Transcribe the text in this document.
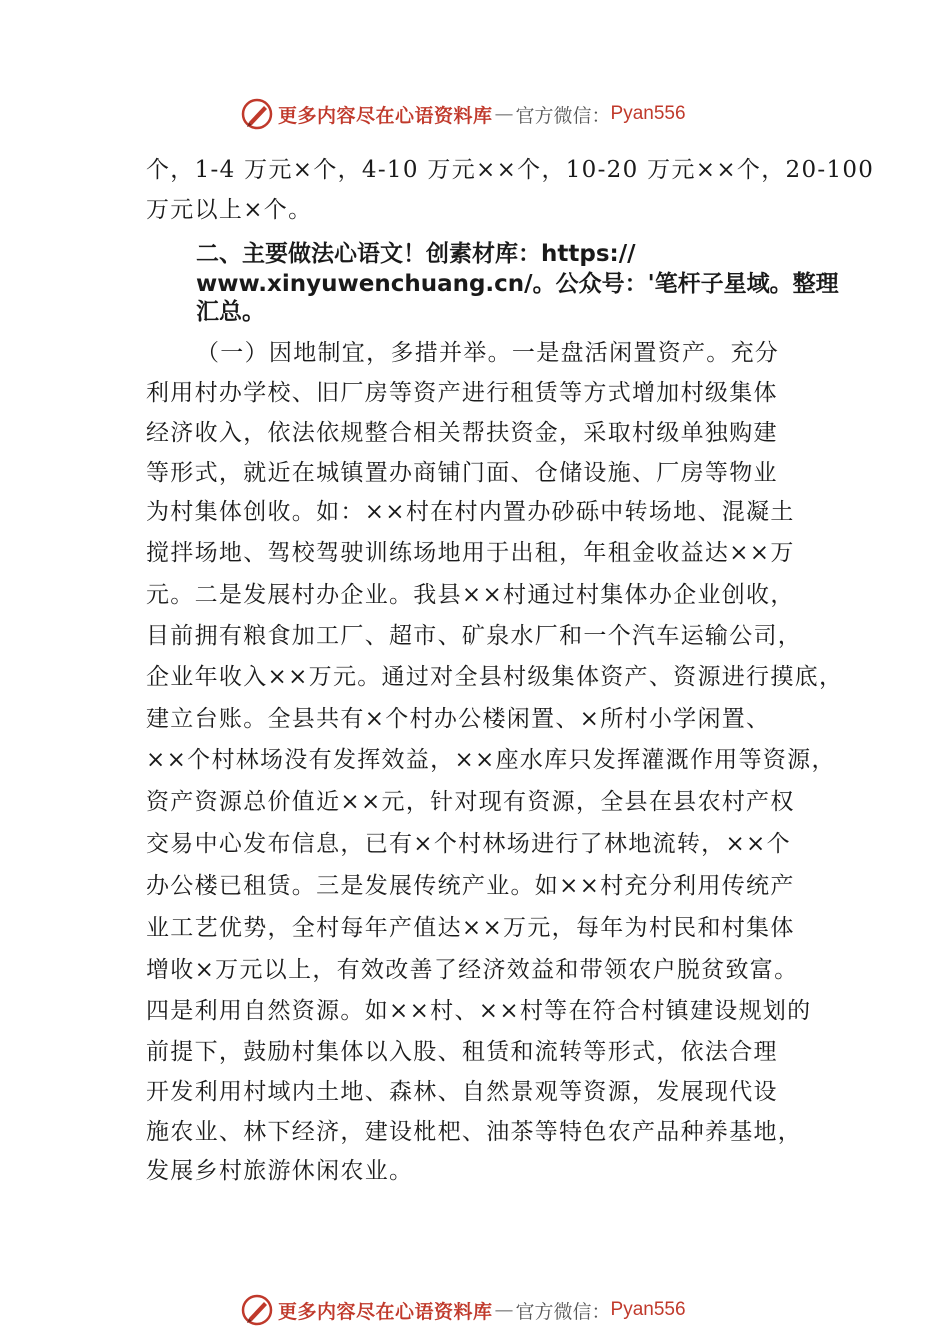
更多内容尽在心语资料库 — 官方微信： Pyan556
个，1-4 万元×个，4-10 万元××个，10-20 万元××个，20-100
万元以上×个。
二、主要做法心语文！创素材库：https://
www.xinyuwenchuang.cn/。公众号：'笔杆子星域。整理
汇总。
（一）因地制宜，多措并举。一是盘活闲置资产。充分
利用村办学校、旧厂房等资产进行租赁等方式增加村级集体
经济收入，依法依规整合相关帮扶资金，采取村级单独购建
等形式，就近在城镇置办商铺门面、仓储设施、厂房等物业
为村集体创收。如：××村在村内置办砂砾中转场地、混凝土
搅拌场地、驾校驾驶训练场地用于出租，年租金收益达××万
元。二是发展村办企业。我县××村通过村集体办企业创收，
目前拥有粮食加工厂、超市、矿泉水厂和一个汽车运输公司，
企业年收入××万元。通过对全县村级集体资产、资源进行摸底，
建立台账。全县共有×个村办公楼闲置、×所村小学闲置、
××个村林场没有发挥效益，××座水库只发挥灌溉作用等资源，
资产资源总价值近××元，针对现有资源，全县在县农村产权
交易中心发布信息，已有×个村林场进行了林地流转，××个
办公楼已租赁。三是发展传统产业。如××村充分利用传统产
业工艺优势，全村每年产值达××万元，每年为村民和村集体
增收×万元以上，有效改善了经济效益和带领农户脱贫致富。
四是利用自然资源。如××村、××村等在符合村镇建设规划的
前提下，鼓励村集体以入股、租赁和流转等形式，依法合理
开发利用村域内土地、森林、自然景观等资源，发展现代设
施农业、林下经济，建设枇杷、油茶等特色农产品种养基地，
发展乡村旅游休闲农业。
更多内容尽在心语资料库 — 官方微信： Pyan556
